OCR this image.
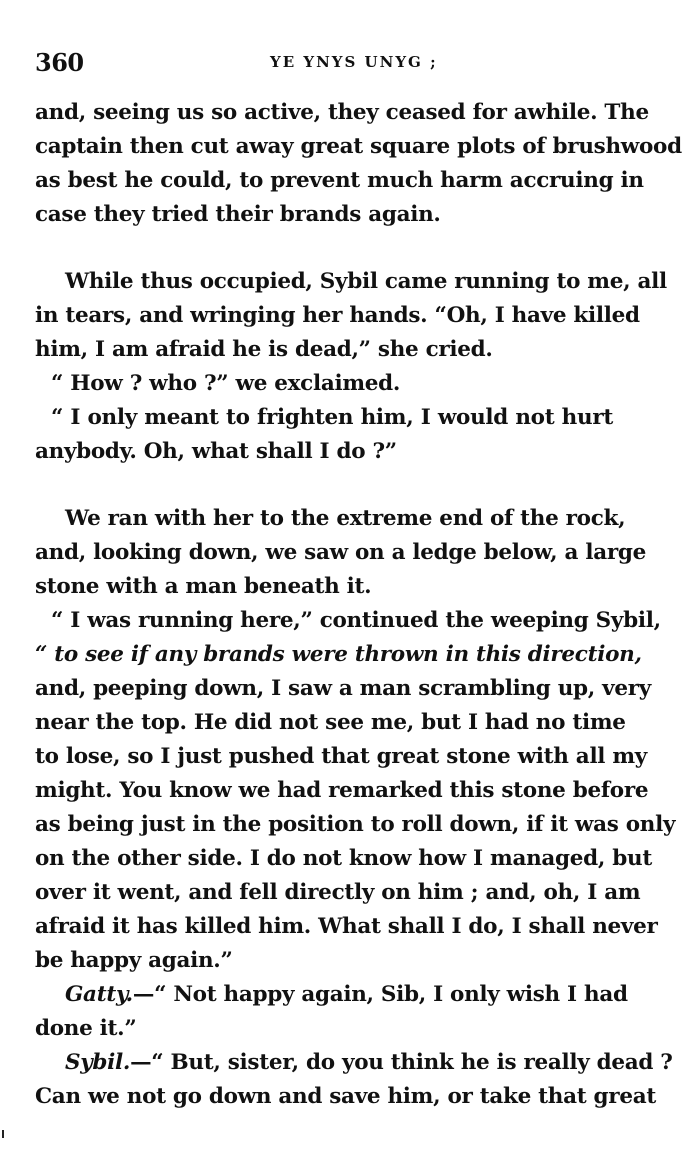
360	YE YNYS UNYG ;
and, seeing us so active, they ceased for awhile. The
captain then cut away great square plots of brushwood
as best he could, to prevent much harm accruing in
case they tried their brands again.
While thus occupied, Sybil came running to me, all
in tears, and wringing her hands. “Oh, I have killed
him, I am afraid he is dead,” she cried.
“ How ? who ?” we exclaimed.
“ I only meant to frighten him, I would not hurt
anybody. Oh, what shall I do ?”
We ran with her to the extreme end of the rock,
and, looking down, we saw on a ledge below, a large
stone with a man beneath it.
“ I was running here,” continued the weeping Sybil,
“ to see if any brands were thrown in this direction,
and, peeping down, I saw a man scrambling up, very
near the top. He did not see me, but I had no time
to lose, so I just pushed that great stone with all my
might. You know we had remarked this stone before
as being just in the position to roll down, if it was only
on the other side. I do not know how I managed, but
over it went, and fell directly on him ; and, oh, I am
afraid it has killed him. What shall I do, I shall never
be happy again.”
Gatty.—“ Not happy again, Sib, I only wish I had
done it.”
Sybil.—“ But, sister, do you think he is really dead ?
Can we not go down and save him, or take that great
